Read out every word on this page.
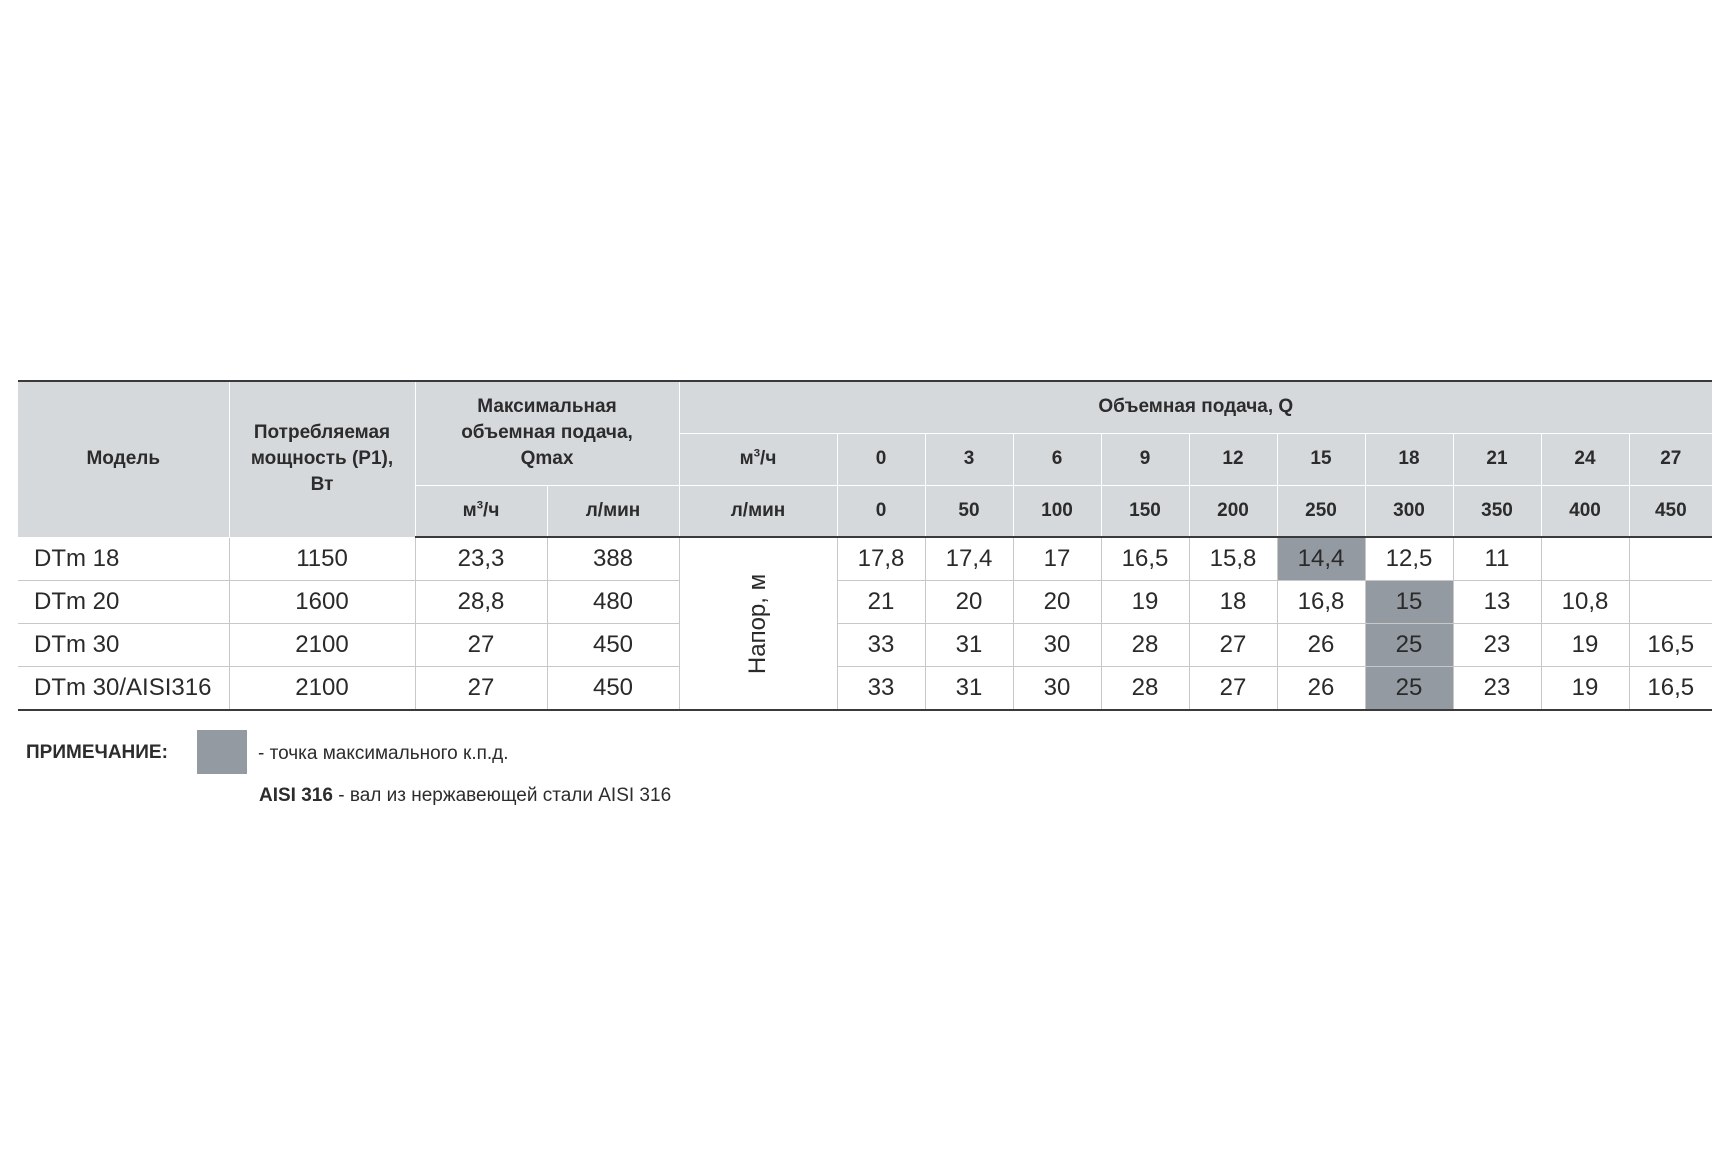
Модель	Потребляемая мощность (Р1), Вт	Максимальная объемная подача, Qmax		Объемная подача, Q										
				$м^3/ч$	0	3	6	9	12	15	18	21	24	27
		$м^3/ч$	л/мин	л/мин	0	50	100	150	200	250	300	350	400	450
DTm 18	1150	23,3	388	Напор, м	17,8	17,4	17	16,5	15,8	14,4	12,5	11		
DTm 20	1600	28,8	480		21	20	20	19	18	16,8	15	13	10,8	
DTm 30	2100	27	450		33	31	30	28	27	26	25	23	19	16,5
DTm 30/AISI316	2100	27	450		33	31	30	28	27	26	25	23	19	16,5
ПРИМЕЧАНИЕ:	- точка максимального к.п.д.
AISI 316 - вал из нержавеющей стали AISI 316
